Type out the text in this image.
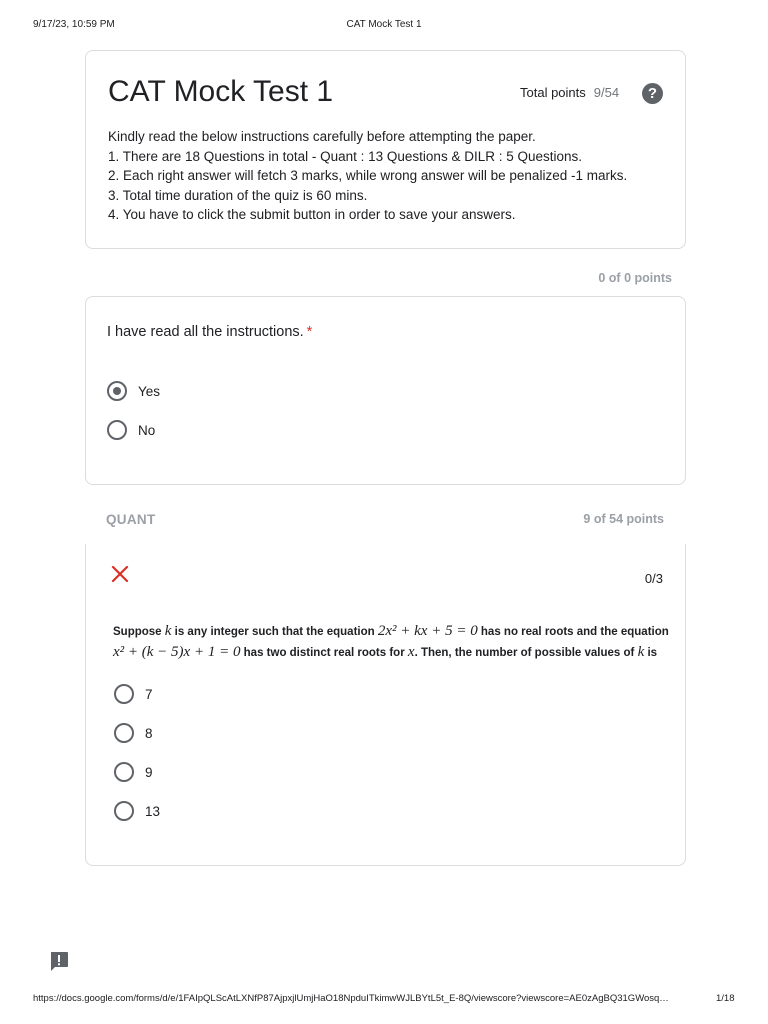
9/17/23, 10:59 PM	CAT Mock Test 1
CAT Mock Test 1	Total points 9/54	?
Kindly read the below instructions carefully before attempting the paper.
1. There are 18 Questions in total - Quant : 13 Questions & DILR : 5 Questions.
2. Each right answer will fetch 3 marks, while wrong answer will be penalized -1 marks.
3. Total time duration of the quiz is 60 mins.
4. You have to click the submit button in order to save your answers.
0 of 0 points
I have read all the instructions. *
Yes
No
QUANT	9 of 54 points
0/3
Suppose k is any integer such that the equation 2x² + kx + 5 = 0 has no real roots and the equation
x² + (k − 5)x + 1 = 0 has two distinct real roots for x. Then, the number of possible values of k is
7
8
9
13
https://docs.google.com/forms/d/e/1FAIpQLScAtLXNfP87AjpxjlUmjHaO18NpduITkimwWJLBYtL5t_E-8Q/viewscore?viewscore=AE0zAgBQ31GWosq…	1/18
